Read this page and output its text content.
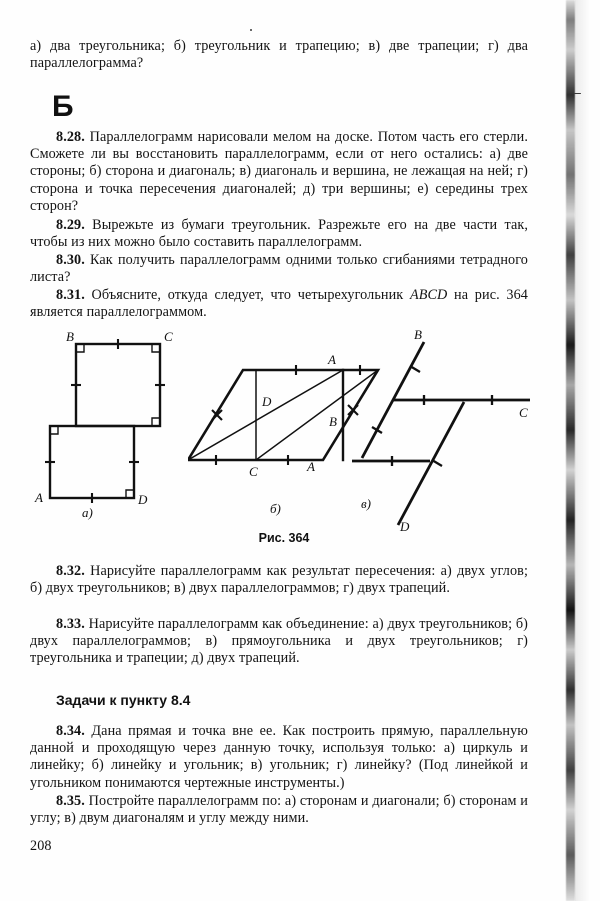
а) два треугольника; б) треугольник и трапецию; в) две трапеции; г) два параллелограмма?

Б

8.28. Параллелограмм нарисовали мелом на доске. Потом часть его стерли. Сможете ли вы восстановить параллелограмм, если от него остались: а) две стороны; б) сторона и диагональ; в) диагональ и вершина, не лежащая на ней; г) сторона и точка пересечения диагоналей; д) три вершины; е) середины трех сторон?

8.29. Вырежьте из бумаги треугольник. Разрежьте его на две части так, чтобы из них можно было составить параллелограмм.

8.30. Как получить параллелограмм одними только сгибаниями тетрадного листа?

8.31. Объясните, откуда следует, что четырехугольник ABCD на рис. 364 является параллелограммом.

B	C
A	D
а)
A
D
B
C
б)
B
C
D
A
в)

Рис. 364

8.32. Нарисуйте параллелограмм как результат пересечения: а) двух углов; б) двух треугольников; в) двух параллелограммов; г) двух трапеций.

8.33. Нарисуйте параллелограмм как объединение: а) двух треугольников; б) двух параллелограммов; в) прямоугольника и двух треугольников; г) треугольника и трапеции; д) двух трапеций.

Задачи к пункту 8.4

8.34. Дана прямая и точка вне ее. Как построить прямую, параллельную данной и проходящую через данную точку, используя только: а) циркуль и линейку; б) линейку и угольник; в) угольник; г) линейку? (Под линейкой и угольником понимаются чертежные инструменты.)

8.35. Постройте параллелограмм по: а) сторонам и диагонали; б) сторонам и углу; в) двум диагоналям и углу между ними.

208
